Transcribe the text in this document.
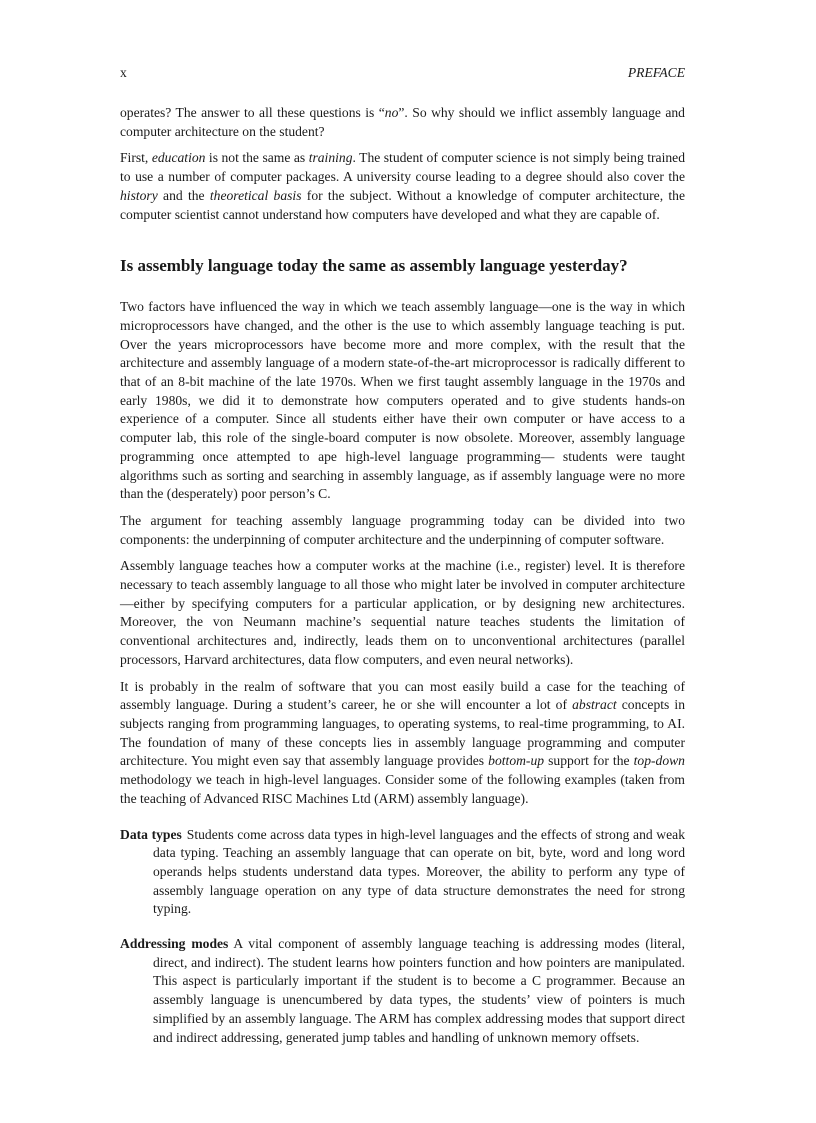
x	PREFACE

operates? The answer to all these questions is “no”. So why should we inflict assembly language and computer architecture on the student?

First, education is not the same as training. The student of computer science is not simply being trained to use a number of computer packages. A university course leading to a degree should also cover the history and the theoretical basis for the subject. Without a knowledge of computer architecture, the computer scientist cannot understand how computers have developed and what they are capable of.

Is assembly language today the same as assembly language yesterday?

Two factors have influenced the way in which we teach assembly language—one is the way in which microprocessors have changed, and the other is the use to which assembly language teaching is put. Over the years microprocessors have become more and more complex, with the result that the architecture and assembly language of a modern state-of-the-art microprocessor is radically different to that of an 8-bit machine of the late 1970s. When we first taught assembly language in the 1970s and early 1980s, we did it to demonstrate how computers operated and to give students hands-on experience of a computer. Since all students either have their own computer or have access to a computer lab, this role of the single-board computer is now obsolete. Moreover, assembly language programming once attempted to ape high-level language programming— students were taught algorithms such as sorting and searching in assembly language, as if assembly language were no more than the (desperately) poor person’s C.

The argument for teaching assembly language programming today can be divided into two components: the underpinning of computer architecture and the underpinning of computer software.

Assembly language teaches how a computer works at the machine (i.e., register) level. It is therefore necessary to teach assembly language to all those who might later be involved in computer architecture—either by specifying computers for a particular application, or by designing new architectures. Moreover, the von Neumann machine’s sequential nature teaches students the limitation of conventional architectures and, indirectly, leads them on to unconventional architectures (parallel processors, Harvard architectures, data flow computers, and even neural networks).

It is probably in the realm of software that you can most easily build a case for the teaching of assembly language. During a student’s career, he or she will encounter a lot of abstract concepts in subjects ranging from programming languages, to operating systems, to real-time programming, to AI. The foundation of many of these concepts lies in assembly language programming and computer architecture. You might even say that assembly language provides bottom-up support for the top-down methodology we teach in high-level languages. Consider some of the following examples (taken from the teaching of Advanced RISC Machines Ltd (ARM) assembly language).

Data types Students come across data types in high-level languages and the effects of strong and weak data typing. Teaching an assembly language that can operate on bit, byte, word and long word operands helps students understand data types. Moreover, the ability to perform any type of assembly language operation on any type of data structure demonstrates the need for strong typing.
Addressing modes A vital component of assembly language teaching is addressing modes (literal, direct, and indirect). The student learns how pointers function and how pointers are manipulated. This aspect is particularly important if the student is to become a C programmer. Because an assembly language is unencumbered by data types, the students’ view of pointers is much simplified by an assembly language. The ARM has complex addressing modes that support direct and indirect addressing, generated jump tables and handling of unknown memory offsets.
